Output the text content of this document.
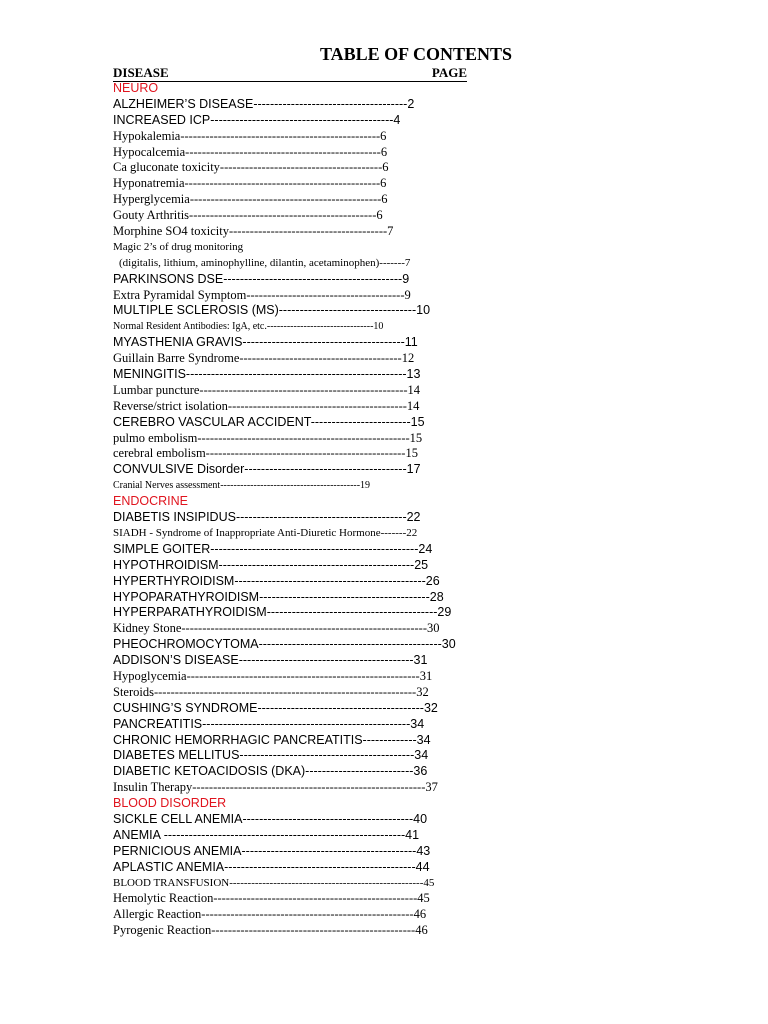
TABLE OF CONTENTS
DISEASE	PAGE
NEURO
ALZHEIMER’S DISEASE-------------------------------------2
INCREASED ICP--------------------------------------------4
Hypokalemia------------------------------------------------6
Hypocalcemia-----------------------------------------------6
Ca gluconate toxicity---------------------------------------6
Hyponatremia-----------------------------------------------6
Hyperglycemia----------------------------------------------6
Gouty Arthritis---------------------------------------------6
Morphine SO4 toxicity--------------------------------------7
Magic 2’s of drug monitoring
(digitalis, lithium, aminophylline, dilantin, acetaminophen)-------7
PARKINSONS DSE-------------------------------------------9
Extra Pyramidal Symptom--------------------------------------9
MULTIPLE SCLEROSIS (MS)---------------------------------10
Normal Resident Antibodies: IgA, etc.--------------------------------10
MYASTHENIA GRAVIS---------------------------------------11
Guillain Barre Syndrome---------------------------------------12
MENINGITIS-----------------------------------------------------13
Lumbar puncture--------------------------------------------------14
Reverse/strict isolation-------------------------------------------14
CEREBRO VASCULAR ACCIDENT------------------------15
pulmo embolism---------------------------------------------------15
cerebral embolism------------------------------------------------15
CONVULSIVE Disorder---------------------------------------17
Cranial Nerves assessment------------------------------------------19
ENDOCRINE
DIABETIS INSIPIDUS-----------------------------------------22
SIADH - Syndrome of Inappropriate Anti-Diuretic Hormone-------22
SIMPLE GOITER--------------------------------------------------24
HYPOTHROIDISM-----------------------------------------------25
HYPERTHYROIDISM----------------------------------------------26
HYPOPARATHYROIDISM-----------------------------------------28
HYPERPARATHYROIDISM-----------------------------------------29
Kidney Stone-----------------------------------------------------------30
PHEOCHROMOCYTOMA--------------------------------------------30
ADDISON’S DISEASE------------------------------------------31
Hypoglycemia--------------------------------------------------------31
Steroids---------------------------------------------------------------32
CUSHING’S SYNDROME----------------------------------------32
PANCREATITIS--------------------------------------------------34
CHRONIC HEMORRHAGIC PANCREATITIS-------------34
DIABETES MELLITUS------------------------------------------34
DIABETIC KETOACIDOSIS (DKA)--------------------------36
Insulin Therapy--------------------------------------------------------37
BLOOD DISORDER
SICKLE CELL ANEMIA-----------------------------------------40
ANEMIA ----------------------------------------------------------41
PERNICIOUS ANEMIA------------------------------------------43
APLASTIC ANEMIA----------------------------------------------44
BLOOD TRANSFUSION-----------------------------------------------------45
Hemolytic Reaction-------------------------------------------------45
Allergic Reaction---------------------------------------------------46
Pyrogenic Reaction-------------------------------------------------46
